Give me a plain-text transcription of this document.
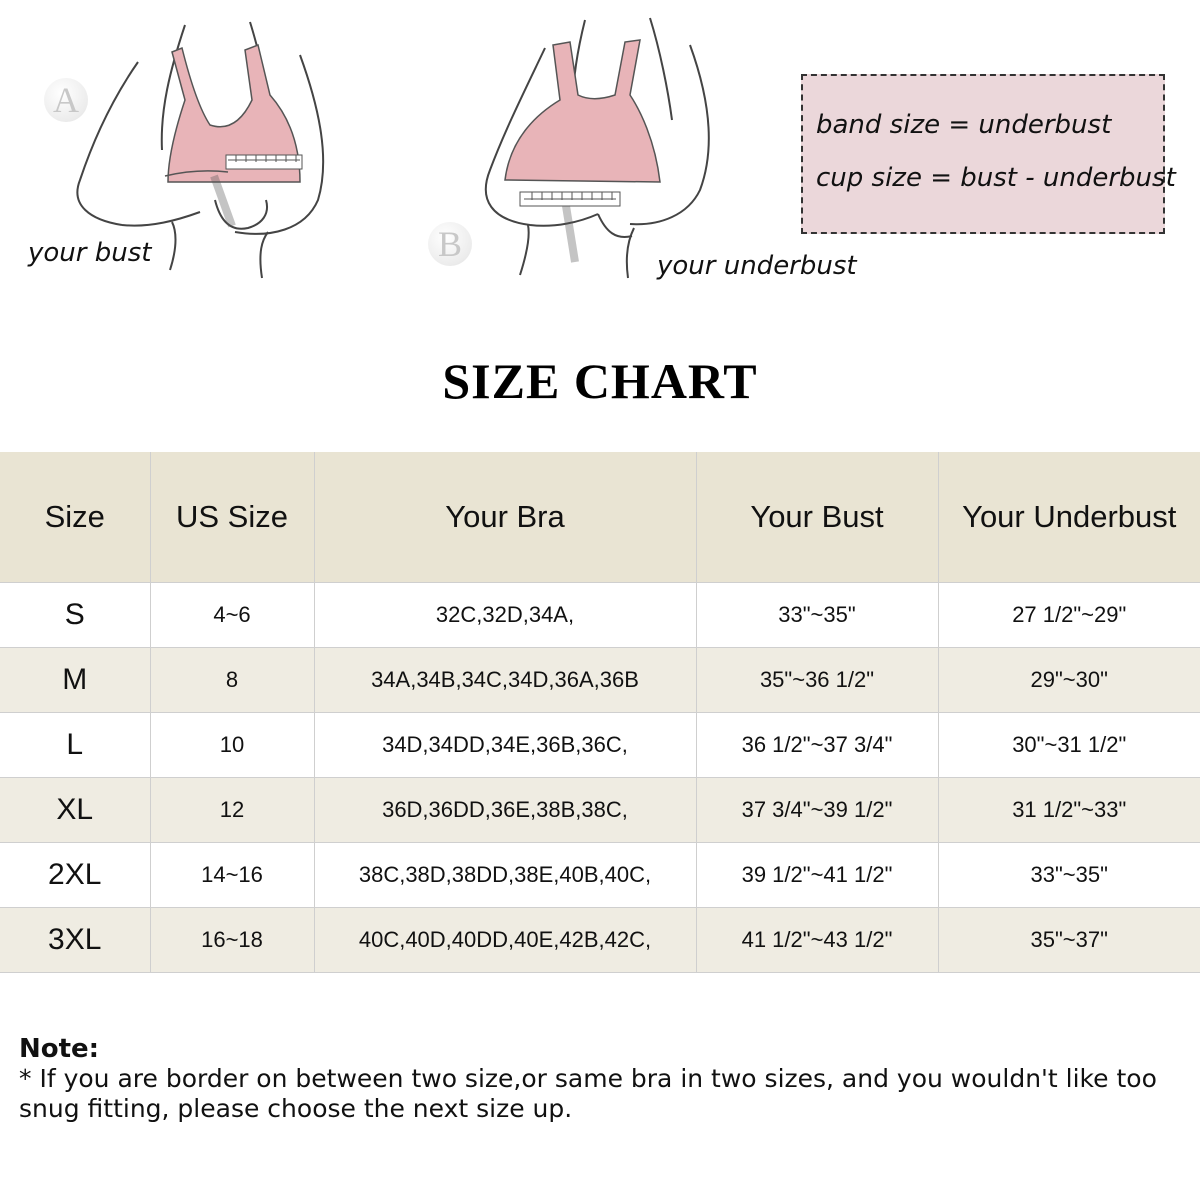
A
your bust	B
your underbust
band size = underbust
cup size = bust - underbust
SIZE CHART
Size	US Size	Your Bra	Your Bust	Your Underbust
S	4~6	32C,32D,34A,	33"~35"	27 1/2"~29"
M	8	34A,34B,34C,34D,36A,36B	35"~36 1/2"	29"~30"
L	10	34D,34DD,34E,36B,36C,	36 1/2"~37 3/4"	30"~31 1/2"
XL	12	36D,36DD,36E,38B,38C,	37 3/4"~39 1/2"	31 1/2"~33"
2XL	14~16	38C,38D,38DD,38E,40B,40C,	39 1/2"~41 1/2"	33"~35"
3XL	16~18	40C,40D,40DD,40E,42B,42C,	41 1/2"~43 1/2"	35"~37"
Note:
* If you are border on between two size,or same bra in two sizes, and you wouldn't like too snug fitting, please choose the next size up.
